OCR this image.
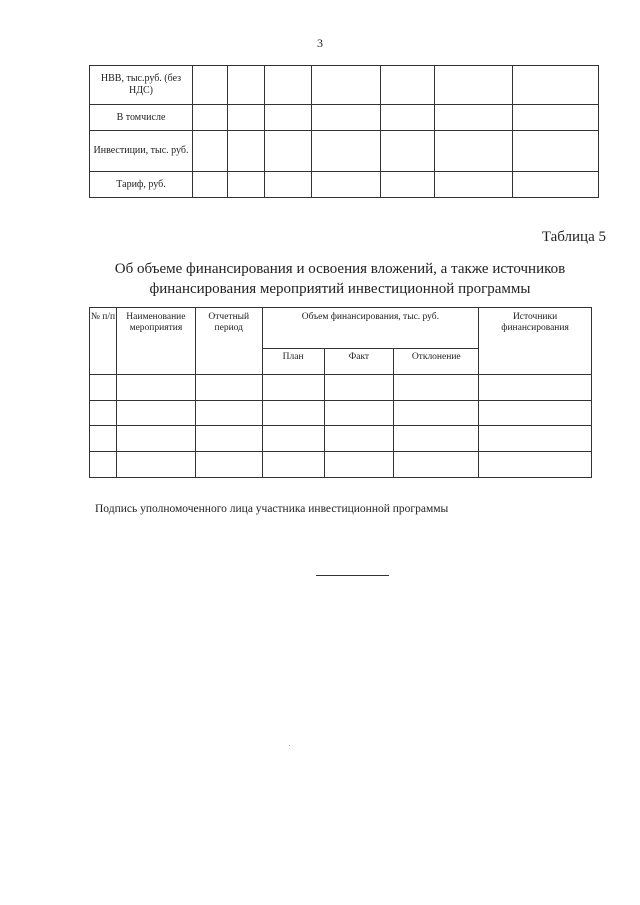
3
НВВ, тыс.руб. (без НДС)							
В томчисле							
Инвестиции, тыс. руб.							
Тариф, руб.							
Таблица 5
Об объеме финансирования и освоения вложений, а также источников
финансирования мероприятий инвестиционной программы
№ п/п	Наименование мероприятия	Отчетный период	Объем финансирования, тыс. руб.			Источники финансирования
			План	Факт	Отклонение	

Подпись уполномоченного лица участника инвестиционной программы
